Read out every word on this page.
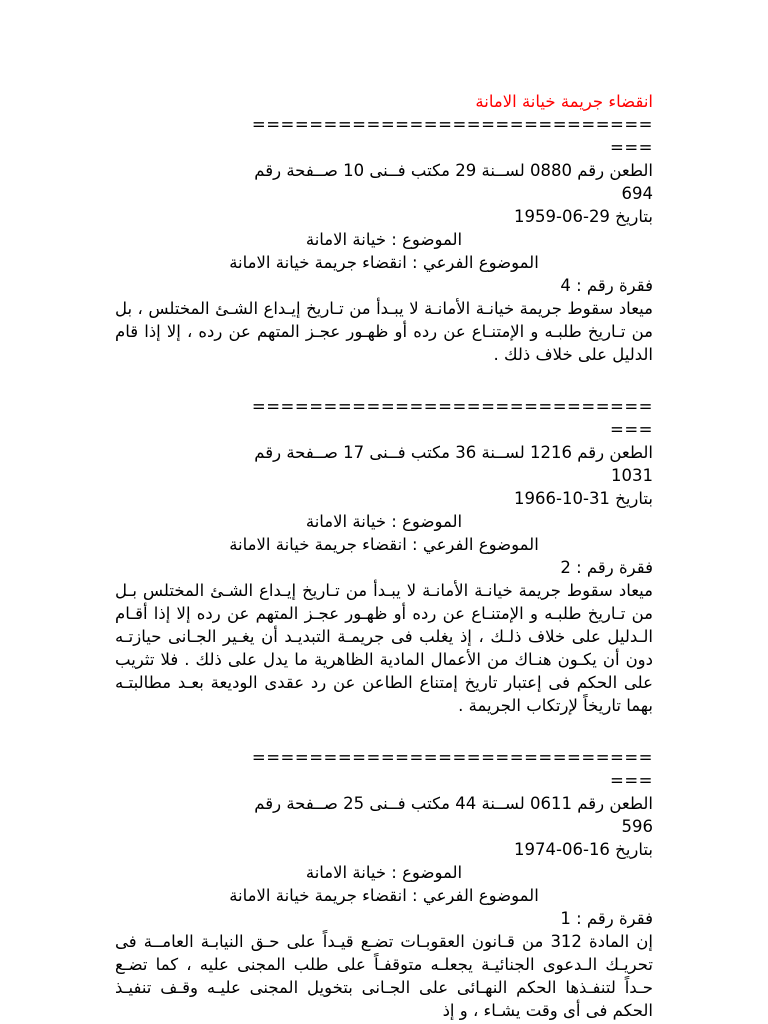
انقضاء جريمة خيانة الامانة

============================

===

الطعن رقم 0880 لســنة 29 مكتب فــنى 10 صــفحة رقم

694

بتاريخ 29-06-1959

الموضوع : خيانة الامانة

الموضوع الفرعي : انقضاء جريمة خيانة الامانة

فقرة رقم : 4

ميعاد سقوط جريمة خيانـة الأمانـة لا يبـدأ من تـاريخ إيـداع الشـئ المختلس ، بل من تـاريخ طلبـه و الإمتنـاع عن رده أو ظهـور عجـز المتهم عن رده ، إلا إذا قام الدليل على خلاف ذلك .

============================

===

الطعن رقم 1216 لســنة 36 مكتب فــنى 17 صــفحة رقم

1031

بتاريخ 31-10-1966

الموضوع : خيانة الامانة

الموضوع الفرعي : انقضاء جريمة خيانة الامانة

فقرة رقم : 2

ميعاد سقوط جريمة خيانـة الأمانـة لا يبـدأ من تـاريخ إيـداع الشـئ المختلس بـل من تـاريخ طلبـه و الإمتنـاع عن رده أو ظهـور عجـز المتهم عن رده إلا إذا أقـام الـدليل على خلاف ذلـك ، إذ يغلب فى جريمـة التبديـد أن يغـير الجـانى حيازتـه دون أن يكـون هنـاك من الأعمال المادية الظاهرية ما يدل على ذلك . فلا تثريب على الحكم فى إعتبار تاريخ إمتناع الطاعن عن رد عقدى الوديعة بعـد مطالبتـه بهما تاريخاً لإرتكاب الجريمة .

============================

===

الطعن رقم 0611 لســنة 44 مكتب فــنى 25 صــفحة رقم

596

بتاريخ 16-06-1974

الموضوع : خيانة الامانة

الموضوع الفرعي : انقضاء جريمة خيانة الامانة

فقرة رقم : 1

إن المادة 312 من قـانون العقوبـات تضـع قيـداً على حـق النيابـة العامــة فى تحريـك الـدعوى الجنائيـة يجعلـه متوقفـاً على طلب المجنى عليه ، كما تضـع حـداً لتنفـذها الحكم النهـائى على الجـانى بتخويل المجنى عليـه وقـف تنفيـذ الحكم فى أى وقت يشـاء ، و إذ
